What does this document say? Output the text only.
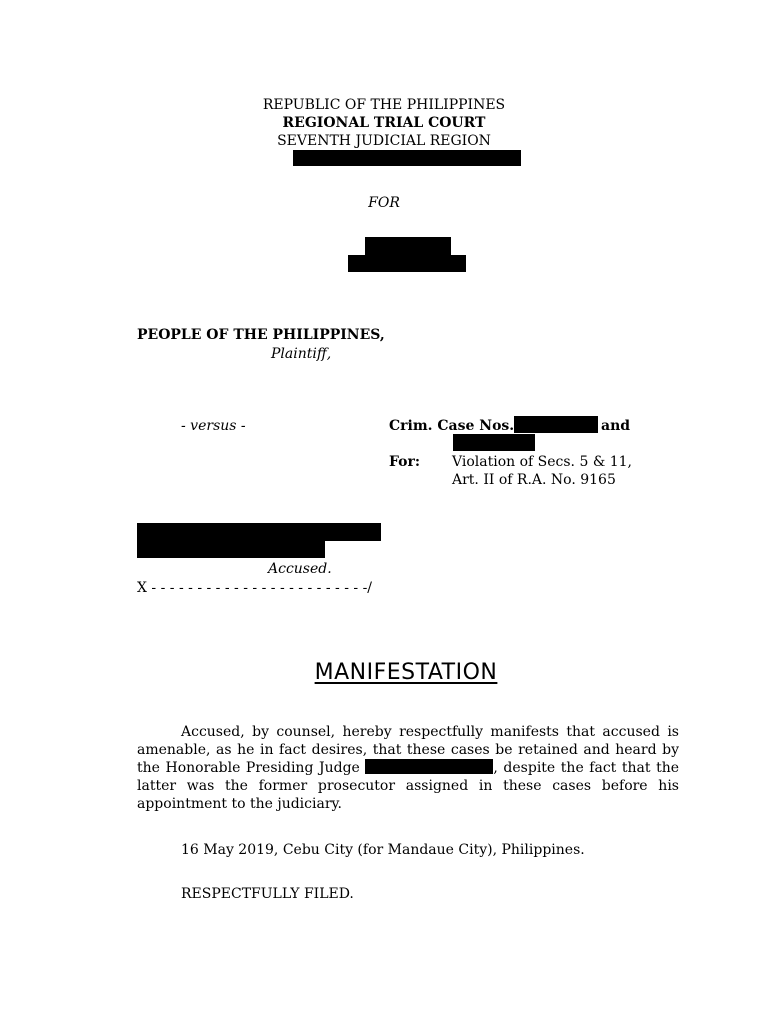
REPUBLIC OF THE PHILIPPINES
REGIONAL TRIAL COURT
SEVENTH JUDICIAL REGION
FOR
PEOPLE OF THE PHILIPPINES,
Plaintiff,
- versus -	Crim. Case Nos.	and
For: Violation of Secs. 5 & 11,
Art. II of R.A. No. 9165
Accused.
X - - - - - - - - - - - - - - - - - - - - - - - -/
MANIFESTATION
Accused, by counsel, hereby respectfully manifests that accused is amenable, as he in fact desires, that these cases be retained and heard by the Honorable Presiding Judge	, despite the fact that the latter was the former prosecutor assigned in these cases before his appointment to the judiciary.
16 May 2019, Cebu City (for Mandaue City), Philippines.
RESPECTFULLY FILED.
